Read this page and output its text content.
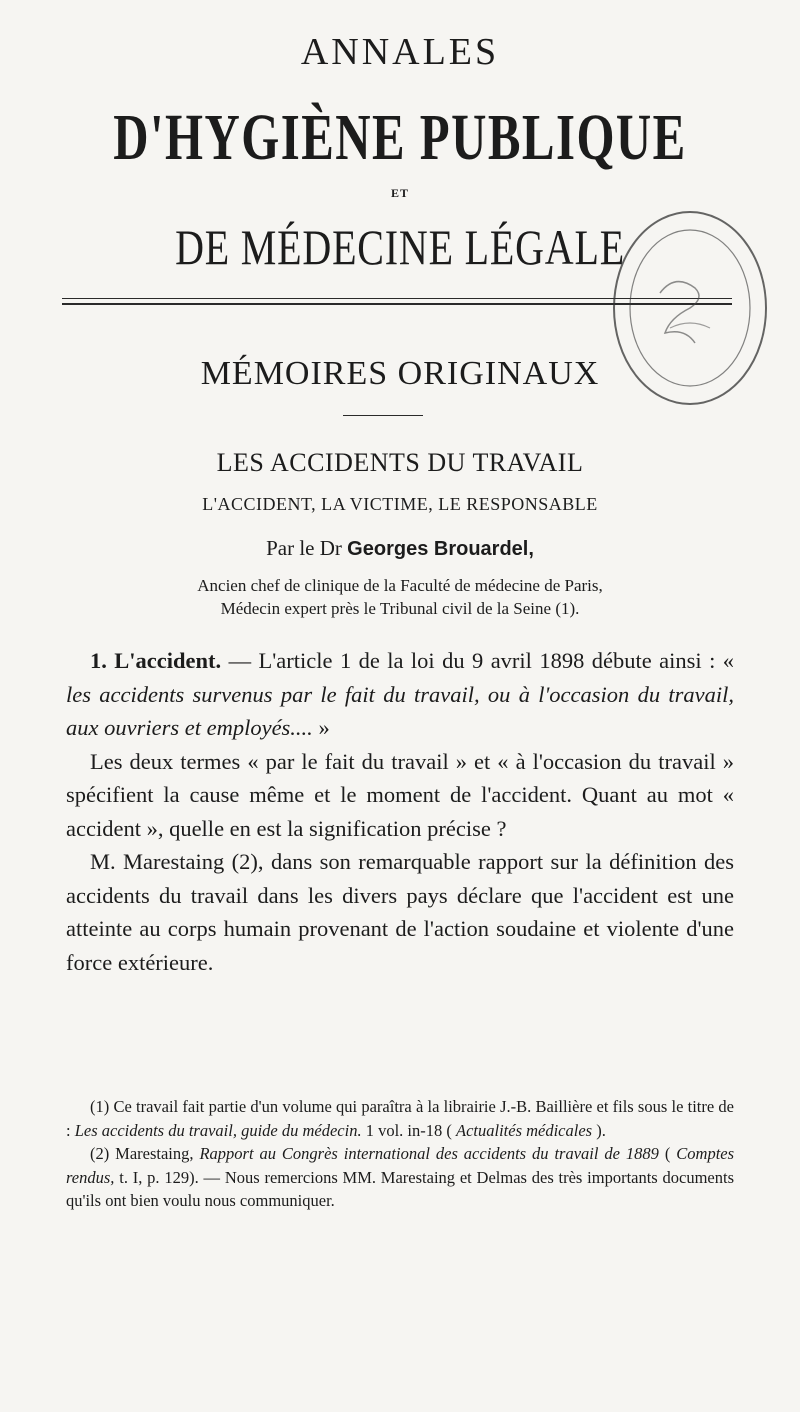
ANNALES
D'HYGIÈNE PUBLIQUE
ET
DE MÉDECINE LÉGALE
MÉMOIRES ORIGINAUX
LES ACCIDENTS DU TRAVAIL
L'ACCIDENT, LA VICTIME, LE RESPONSABLE
Par le Dr Georges Brouardel,
Ancien chef de clinique de la Faculté de médecine de Paris,
Médecin expert près le Tribunal civil de la Seine (1).

1. L'accident. — L'article 1 de la loi du 9 avril 1898 débute ainsi : « les accidents survenus par le fait du travail, ou à l'occasion du travail, aux ouvriers et employés.... »

Les deux termes « par le fait du travail » et « à l'occasion du travail » spécifient la cause même et le moment de l'accident. Quant au mot « accident », quelle en est la signification précise ?

M. Marestaing (2), dans son remarquable rapport sur la définition des accidents du travail dans les divers pays déclare que l'accident est une atteinte au corps humain provenant de l'action soudaine et violente d'une force extérieure.

(1) Ce travail fait partie d'un volume qui paraîtra à la librairie J.-B. Baillière et fils sous le titre de : Les accidents du travail, guide du médecin. 1 vol. in-18 ( Actualités médicales ).

(2) Marestaing, Rapport au Congrès international des accidents du travail de 1889 ( Comptes rendus, t. I, p. 129). — Nous remercions MM. Marestaing et Delmas des très importants documents qu'ils ont bien voulu nous communiquer.
